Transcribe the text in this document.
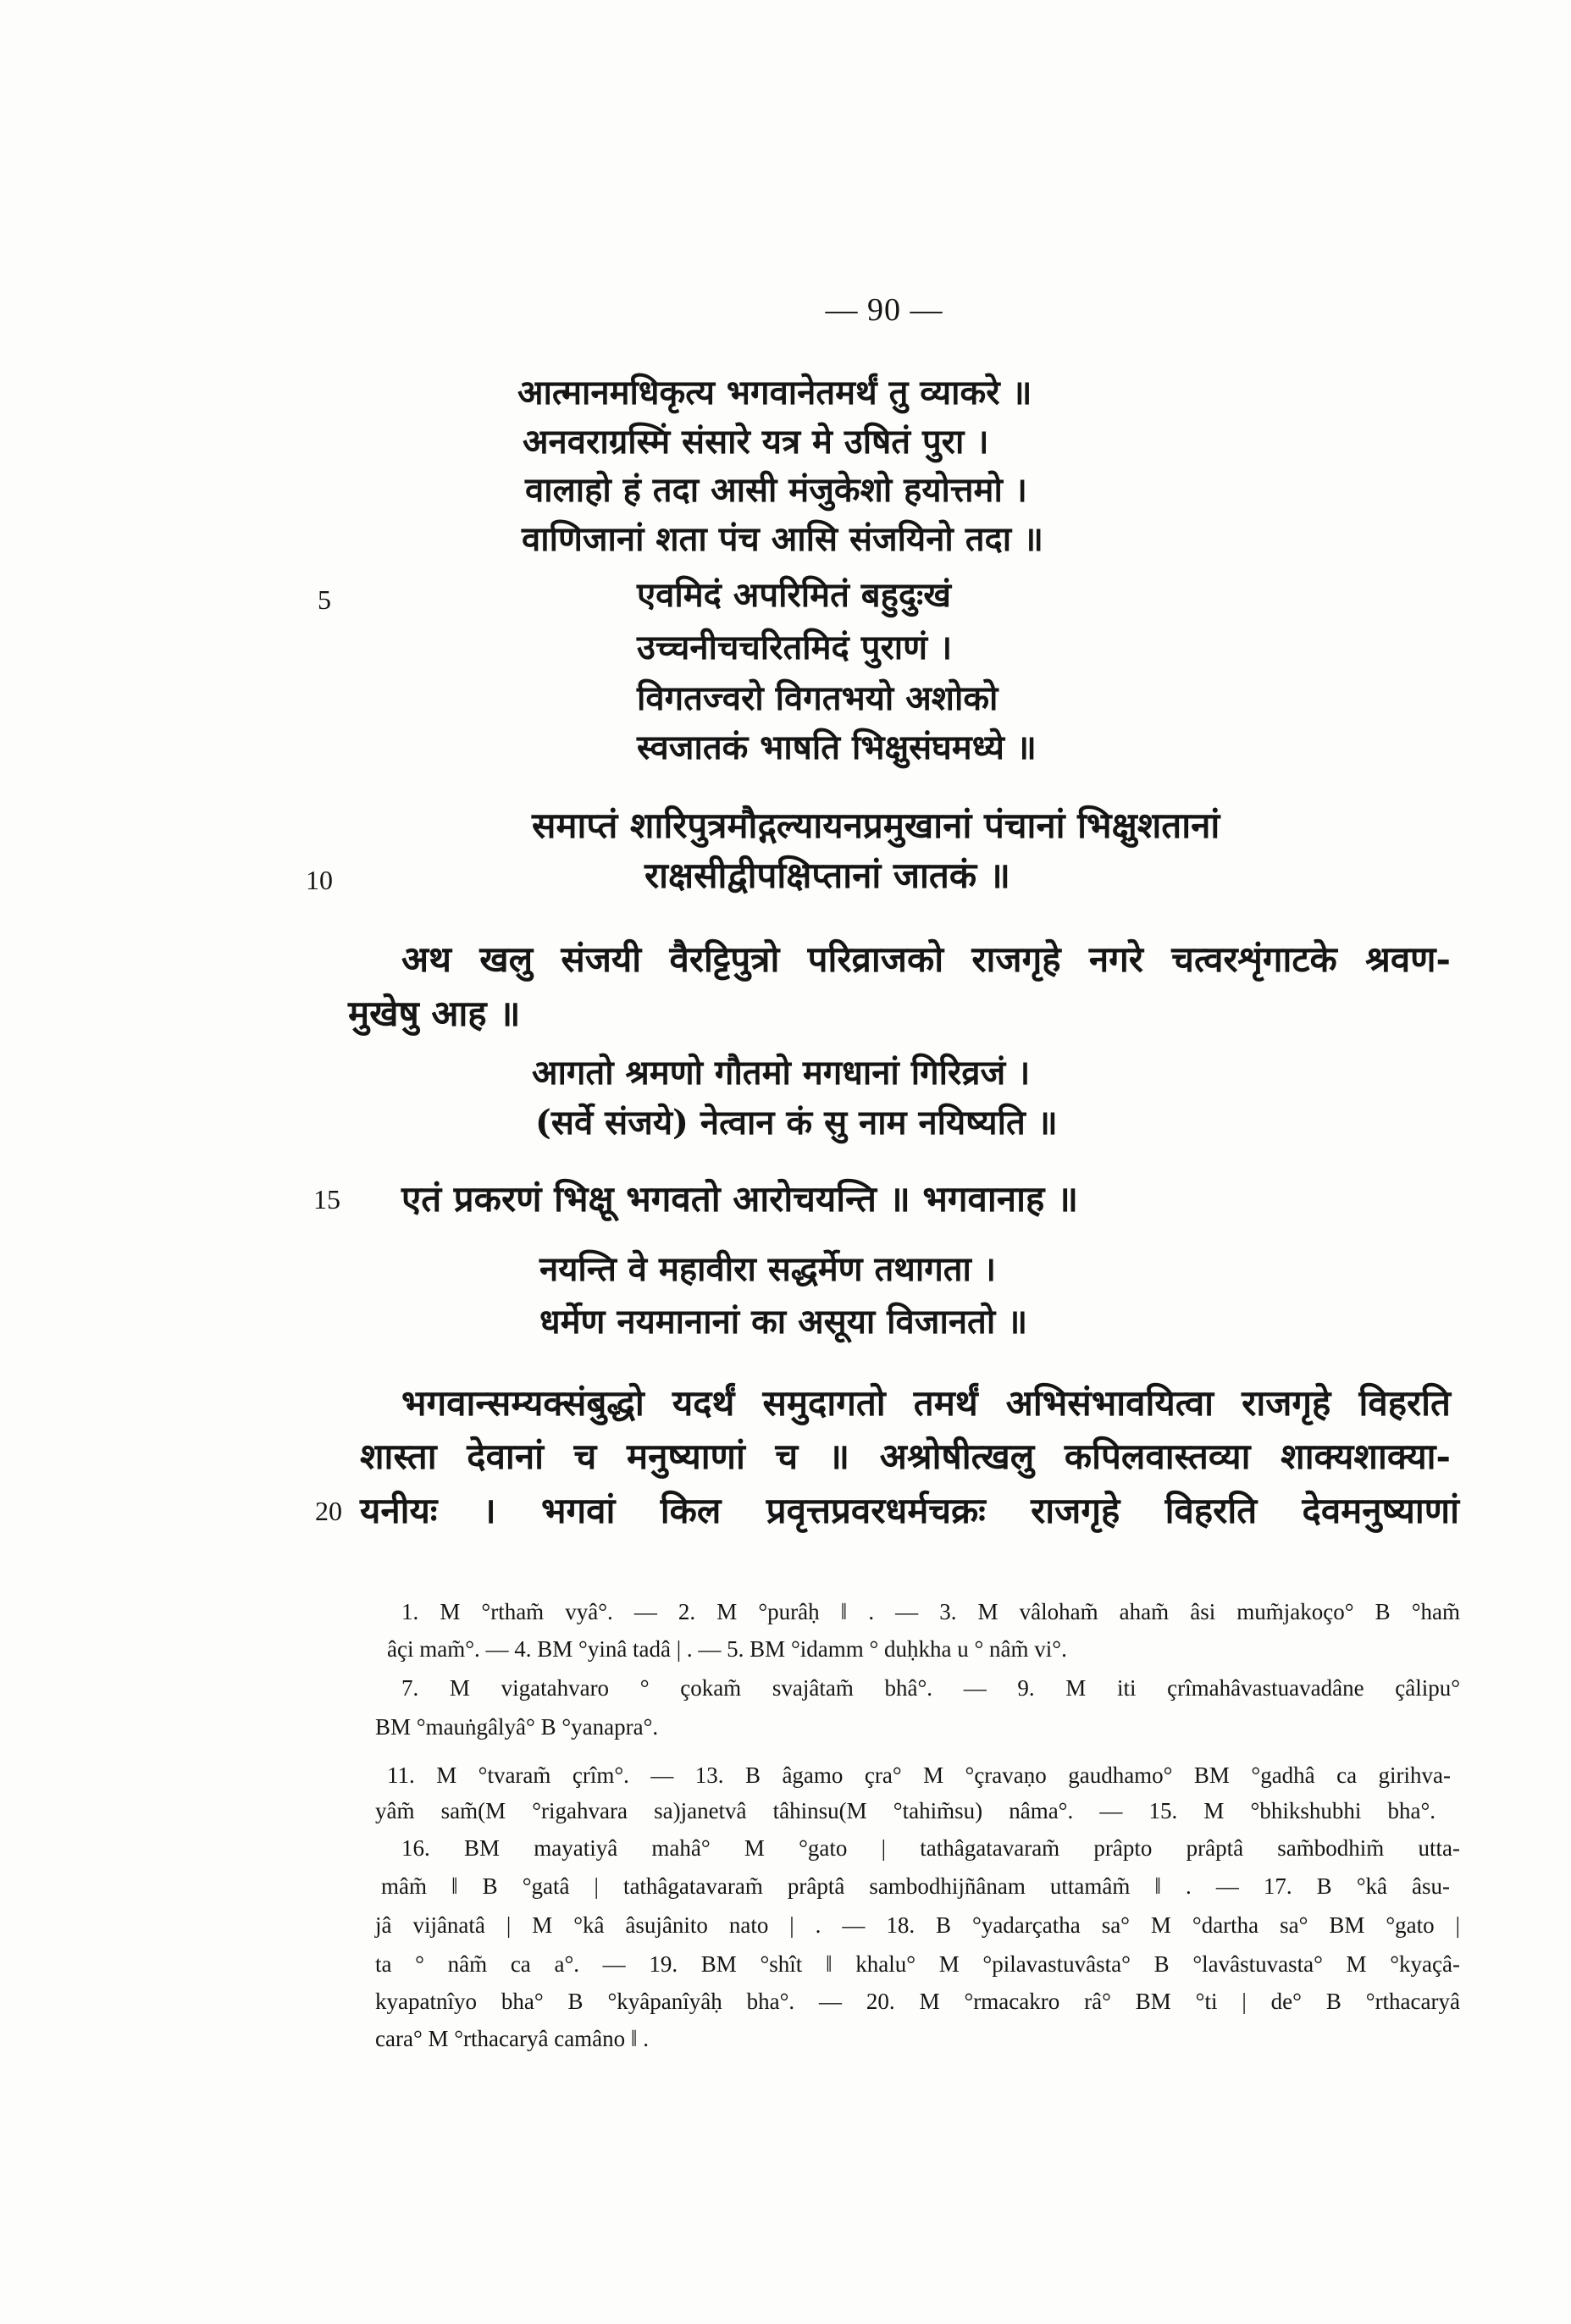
— 90 —
आत्मानमधिकृत्य भगवानेतमर्थं तु व्याकरे ॥
अनवराग्रस्मिं संसारे यत्र मे उषितं पुरा ।
वालाहो हं तदा आसी मंजुकेशो हयोत्तमो ।
वाणिजानां शता पंच आसि संजयिनो तदा ॥
एवमिदं अपरिमितं बहुदुःखं
उच्चनीचचरितमिदं पुराणं ।
विगतज्वरो विगतभयो अशोको
स्वजातकं भाषति भिक्षुसंघमध्ये ॥
समाप्तं शारिपुत्रमौद्गल्यायनप्रमुखानां पंचानां भिक्षुशतानां
राक्षसीद्वीपक्षिप्तानां जातकं ॥
अथ खलु संजयी वैरट्टिपुत्रो परिव्राजको राजगृहे नगरे चत्वरशृंगाटके श्रवण-
मुखेषु आह ॥
आगतो श्रमणो गौतमो मगधानां गिरिव्रजं ।
(सर्वे संजये) नेत्वान कं सु नाम नयिष्यति ॥
एतं प्रकरणं भिक्षू भगवतो आरोचयन्ति ॥ भगवानाह ॥
नयन्ति वे महावीरा सद्धर्मेण तथागता ।
धर्मेण नयमानानां का असूया विजानतो ॥
भगवान्सम्यक्संबुद्धो यदर्थं समुदागतो तमर्थं अभिसंभावयित्वा राजगृहे विहरति
शास्ता देवानां च मनुष्याणां च ॥ अश्रोषीत्खलु कपिलवास्तव्या शाक्यशाक्या-
यनीयः । भगवां किल प्रवृत्तप्रवरधर्मचक्रः राजगृहे विहरति देवमनुष्याणां
5
10
15
20
1. M °rtham̃ vyâ°. — 2. M °purâḥ ‖ . — 3. M vâloham̃ aham̃ âsi mum̃jakoço° B °ham̃
âçi mam̃°. — 4. BM °yinâ tadâ | . — 5. BM °idamm ° duḥkha u ° nâm̃ vi°.
7. M vigatahvaro ° çokam̃ svajâtam̃ bhâ°. — 9. M iti çrîmahâvastuavadâne çâlipu°
BM °mauṅgâlyâ° B °yanapra°.
11. M °tvaram̃ çrîm°. — 13. B âgamo çra° M °çravaṇo gaudhamo° BM °gadhâ ca girihva-
yâm̃ sam̃(M °rigahvara sa)janetvâ tâhinsu(M °tahim̃su) nâma°. — 15. M °bhikshubhi bha°.
16. BM mayatiyâ mahâ° M °gato | tathâgatavaram̃ prâpto prâptâ sam̃bodhim̃ utta-
mâm̃ ‖ B °gatâ | tathâgatavaram̃ prâptâ sambodhijñânam uttamâm̃ ‖ . — 17. B °kâ âsu-
jâ vijânatâ | M °kâ âsujânito nato | . — 18. B °yadarçatha sa° M °dartha sa° BM °gato |
ta ° nâm̃ ca a°. — 19. BM °shît ‖ khalu° M °pilavastuvâsta° B °lavâstuvasta° M °kyaçâ-
kyapatnîyo bha° B °kyâpanîyâḥ bha°. — 20. M °rmacakro râ° BM °ti | de° B °rthacaryâ
cara° M °rthacaryâ camâno ‖ .
